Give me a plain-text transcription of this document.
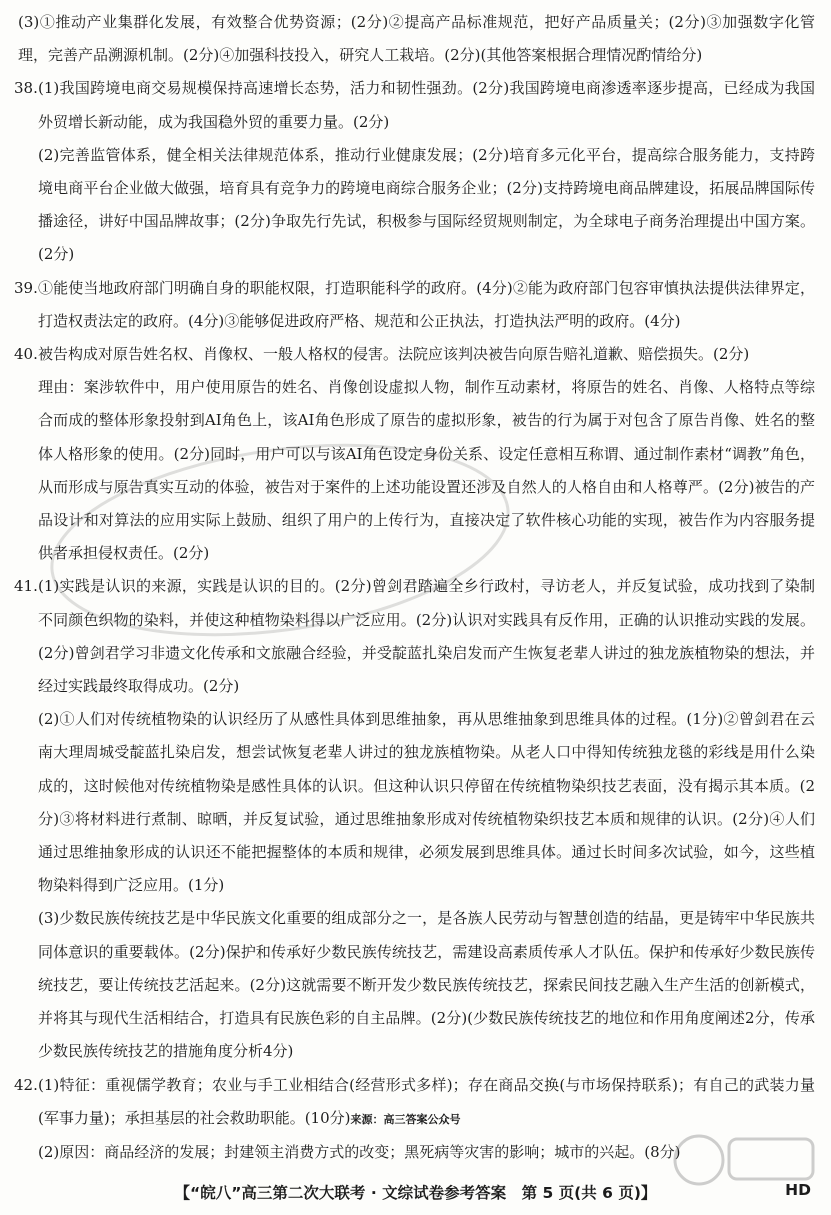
(3)①推动产业集群化发展，有效整合优势资源；(2分)②提高产品标准规范，把好产品质量关；(2分)③加强数字化管理，完善产品溯源机制。(2分)④加强科技投入，研究人工栽培。(2分)(其他答案根据合理情况酌情给分)

38. (1)我国跨境电商交易规模保持高速增长态势，活力和韧性强劲。(2分)我国跨境电商渗透率逐步提高，已经成为我国外贸增长新动能，成为我国稳外贸的重要力量。(2分)

(2)完善监管体系，健全相关法律规范体系，推动行业健康发展；(2分)培育多元化平台，提高综合服务能力，支持跨境电商平台企业做大做强，培育具有竞争力的跨境电商综合服务企业；(2分)支持跨境电商品牌建设，拓展品牌国际传播途径，讲好中国品牌故事；(2分)争取先行先试，积极参与国际经贸规则制定，为全球电子商务治理提出中国方案。(2分)

39. ①能使当地政府部门明确自身的职能权限，打造职能科学的政府。(4分)②能为政府部门包容审慎执法提供法律界定，打造权责法定的政府。(4分)③能够促进政府严格、规范和公正执法，打造执法严明的政府。(4分)

40. 被告构成对原告姓名权、肖像权、一般人格权的侵害。法院应该判决被告向原告赔礼道歉、赔偿损失。(2分)

理由：案涉软件中，用户使用原告的姓名、肖像创设虚拟人物，制作互动素材，将原告的姓名、肖像、人格特点等综合而成的整体形象投射到AI角色上，该AI角色形成了原告的虚拟形象，被告的行为属于对包含了原告肖像、姓名的整体人格形象的使用。(2分)同时，用户可以与该AI角色设定身份关系、设定任意相互称谓、通过制作素材“调教”角色，从而形成与原告真实互动的体验，被告对于案件的上述功能设置还涉及自然人的人格自由和人格尊严。(2分)被告的产品设计和对算法的应用实际上鼓励、组织了用户的上传行为，直接决定了软件核心功能的实现，被告作为内容服务提供者承担侵权责任。(2分)

41. (1)实践是认识的来源，实践是认识的目的。(2分)曾剑君踏遍全乡行政村，寻访老人，并反复试验，成功找到了染制不同颜色织物的染料，并使这种植物染料得以广泛应用。(2分)认识对实践具有反作用，正确的认识推动实践的发展。(2分)曾剑君学习非遗文化传承和文旅融合经验，并受靛蓝扎染启发而产生恢复老辈人讲过的独龙族植物染的想法，并经过实践最终取得成功。(2分)

(2)①人们对传统植物染的认识经历了从感性具体到思维抽象，再从思维抽象到思维具体的过程。(1分)②曾剑君在云南大理周城受靛蓝扎染启发，想尝试恢复老辈人讲过的独龙族植物染。从老人口中得知传统独龙毯的彩线是用什么染成的，这时候他对传统植物染是感性具体的认识。但这种认识只停留在传统植物染织技艺表面，没有揭示其本质。(2分)③将材料进行煮制、晾晒，并反复试验，通过思维抽象形成对传统植物染织技艺本质和规律的认识。(2分)④人们通过思维抽象形成的认识还不能把握整体的本质和规律，必须发展到思维具体。通过长时间多次试验，如今，这些植物染料得到广泛应用。(1分)

(3)少数民族传统技艺是中华民族文化重要的组成部分之一，是各族人民劳动与智慧创造的结晶，更是铸牢中华民族共同体意识的重要载体。(2分)保护和传承好少数民族传统技艺，需建设高素质传承人才队伍。保护和传承好少数民族传统技艺，要让传统技艺活起来。(2分)这就需要不断开发少数民族传统技艺，探索民间技艺融入生产生活的创新模式，并将其与现代生活相结合，打造具有民族色彩的自主品牌。(2分)(少数民族传统技艺的地位和作用角度阐述2分，传承少数民族传统技艺的措施角度分析4分)

42. (1)特征：重视儒学教育；农业与手工业相结合(经营形式多样)；存在商品交换(与市场保持联系)；有自己的武装力量(军事力量)；承担基层的社会救助职能。(10分)来源：高三答案公众号

(2)原因：商品经济的发展；封建领主消费方式的改变；黑死病等灾害的影响；城市的兴起。(8分)

【“皖八”高三第二次大联考 · 文综试卷参考答案　第 5 页(共 6 页)】	HD
